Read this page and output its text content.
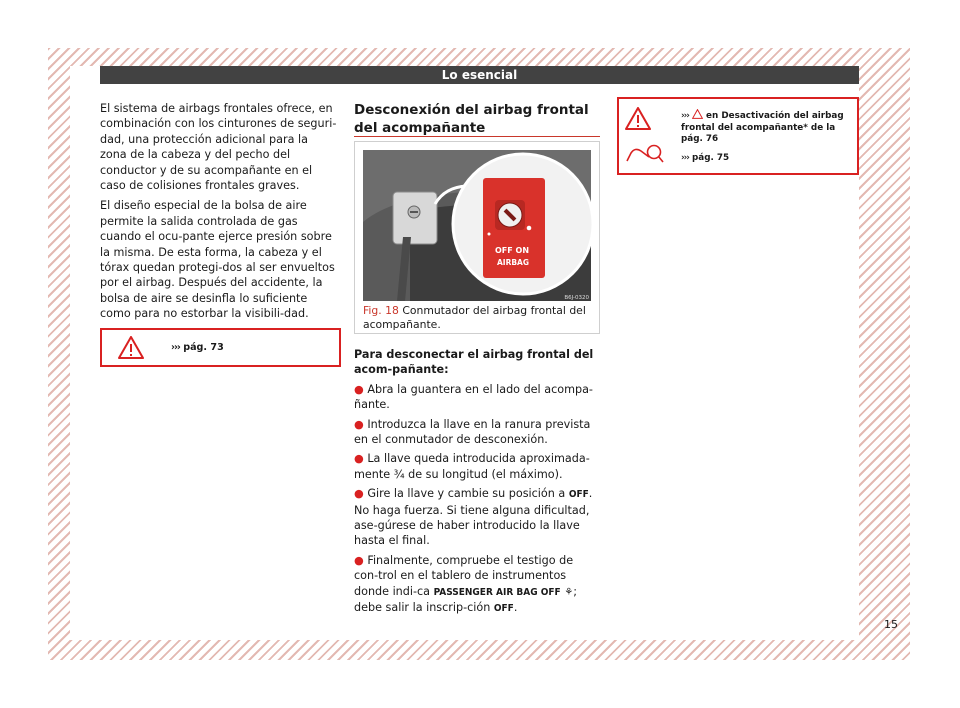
Lo esencial

El sistema de airbags frontales ofrece, en combinación con los cinturones de seguri-dad, una protección adicional para la zona de la cabeza y del pecho del conductor y de su acompañante en el caso de colisiones frontales graves.

El diseño especial de la bolsa de aire permite la salida controlada de gas cuando el ocu-pante ejerce presión sobre la misma. De esta forma, la cabeza y el tórax quedan protegi-dos al ser envueltos por el airbag. Después del accidente, la bolsa de aire se desinfla lo suficiente como para no estorbar la visibili-dad.

››› pág. 73
Desconexión del airbag frontal del acompañante
OFF ON
AIRBAG
B6J-0320
Fig. 18 Conmutador del airbag frontal del acompañante.
Para desconectar el airbag frontal del acom-pañante:
● Abra la guantera en el lado del acompa-ñante.
● Introduzca la llave en la ranura prevista en el conmutador de desconexión.
● La llave queda introducida aproximada-mente ¾ de su longitud (el máximo).
● Gire la llave y cambie su posición a OFF. No haga fuerza. Si tiene alguna dificultad, ase-gúrese de haber introducido la llave hasta el final.
● Finalmente, compruebe el testigo de con-trol en el tablero de instrumentos donde indi-ca PASSENGER AIR BAG OFF ⚘; debe salir la inscrip-ción OFF.
››› en Desactivación del airbag frontal del acompañante* de la pág. 76
››› pág. 75
15
